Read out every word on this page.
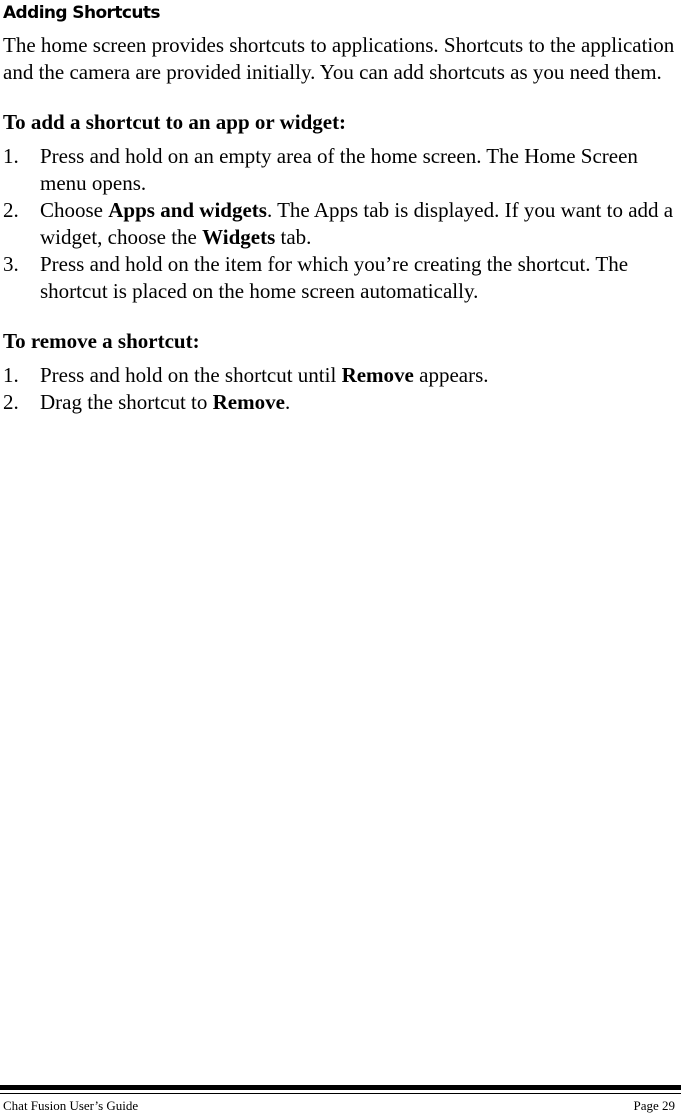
Adding Shortcuts

The home screen provides shortcuts to applications. Shortcuts to the application and the camera are provided initially. You can add shortcuts as you need them.

To add a shortcut to an app or widget:

1. Press and hold on an empty area of the home screen. The Home Screen menu opens.
2. Choose Apps and widgets. The Apps tab is displayed. If you want to add a widget, choose the Widgets tab.
3. Press and hold on the item for which you’re creating the shortcut. The shortcut is placed on the home screen automatically.

To remove a shortcut:

1. Press and hold on the shortcut until Remove appears.
2. Drag the shortcut to Remove.
Chat Fusion User’s Guide	Page 29
